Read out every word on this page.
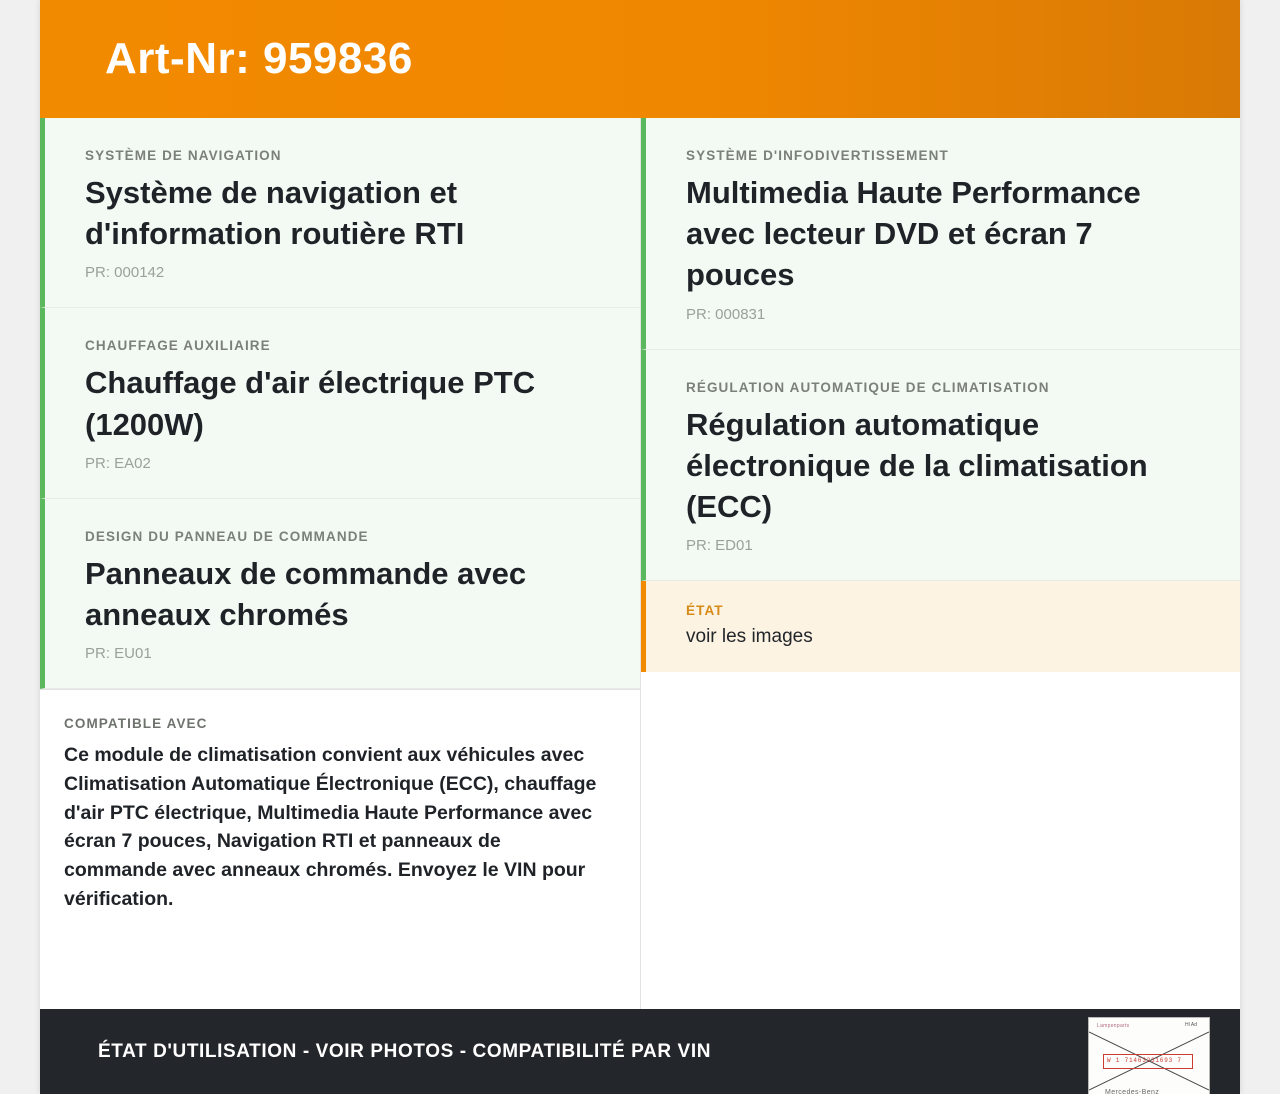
Art-Nr: 959836
SYSTÈME DE NAVIGATION
Système de navigation et d'information routière RTI
PR: 000142
CHAUFFAGE AUXILIAIRE
Chauffage d'air électrique PTC (1200W)
PR: EA02
DESIGN DU PANNEAU DE COMMANDE
Panneaux de commande avec anneaux chromés
PR: EU01
COMPATIBLE AVEC
Ce module de climatisation convient aux véhicules avec Climatisation Automatique Électronique (ECC), chauffage d'air PTC électrique, Multimedia Haute Performance avec écran 7 pouces, Navigation RTI et panneaux de commande avec anneaux chromés. Envoyez le VIN pour vérification.
SYSTÈME D'INFODIVERTISSEMENT
Multimedia Haute Performance avec lecteur DVD et écran 7 pouces
PR: 000831
RÉGULATION AUTOMATIQUE DE CLIMATISATION
Régulation automatique électronique de la climatisation (ECC)
PR: ED01
ÉTAT
voir les images
ÉTAT D'UTILISATION - VOIR PHOTOS - COMPATIBILITÉ PAR VIN
Lampenparts	Hl Ad
W 1 71463231693 7
Mercedes-Benz
